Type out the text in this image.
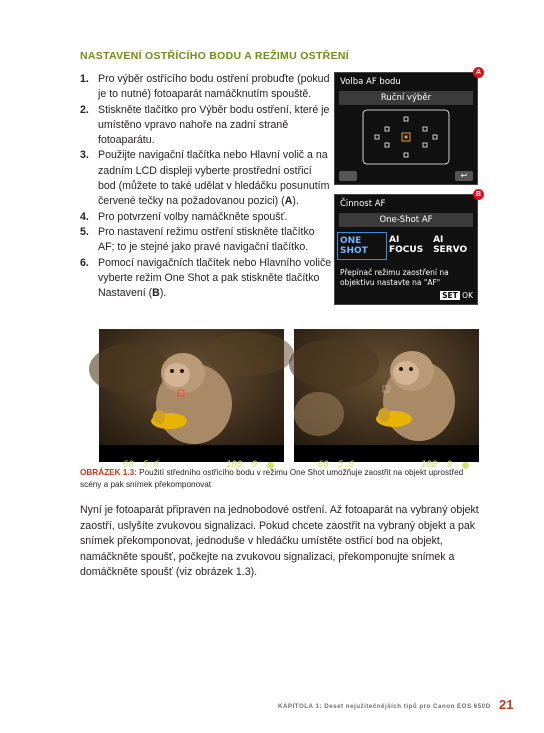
NASTAVENÍ OSTŘÍCÍHO BODU A REŽIMU OSTŘENÍ
1. Pro výběr ostřícího bodu ostření probuďte (pokud je to nutné) fotoaparát namáčknutím spouště.
2. Stiskněte tlačítko pro Výběr bodu ostření, které je umístěno vpravo nahoře na zadní straně fotoaparátu.
3. Použijte navigační tlačítka nebo Hlavní volič a na zadním LCD displeji vyberte prostřední ostřicí bod (můžete to také udělat v hledáčku posunutím červené tečky na požadovanou pozici) (A).
4. Pro potvrzení volby namáčkněte spoušť.
5. Pro nastavení režimu ostření stiskněte tlačítko AF; to je stejné jako pravé navigační tlačítko.
6. Pomocí navigačních tlačítek nebo Hlavního voliče vyberte režim One Shot a pak stiskněte tlačítko Nastavení (B).
Volba AF bodu
Ruční výběr
↩
A
Činnost AF
One-Shot AF
ONE SHOT
AI FOCUS
AI SERVO
Přepínač režimu zaostření na objektivu nastavte na "AF"
SET OK
B
60 5.6	100 9	60 5.6	100 9
OBRÁZEK 1.3: Použití středního ostřicího bodu v režimu One Shot umožňuje zaostřit na objekt uprostřed scény a pak snímek překomponovat
Nyní je fotoaparát připraven na jednobodové ostření. Až fotoaparát na vybraný objekt zaostří, uslyšíte zvukovou signalizaci. Pokud chcete zaostřit na vybraný objekt a pak snímek překomponovat, jednoduše v hledáčku umístěte ostřicí bod na objekt, namáčkněte spoušť, počkejte na zvukovou signalizaci, překomponujte snímek a domáčkněte spoušť (viz obrázek 1.3).
KAPITOLA 1: Deset nejužitečnějších tipů pro Canon EOS 650D 21
